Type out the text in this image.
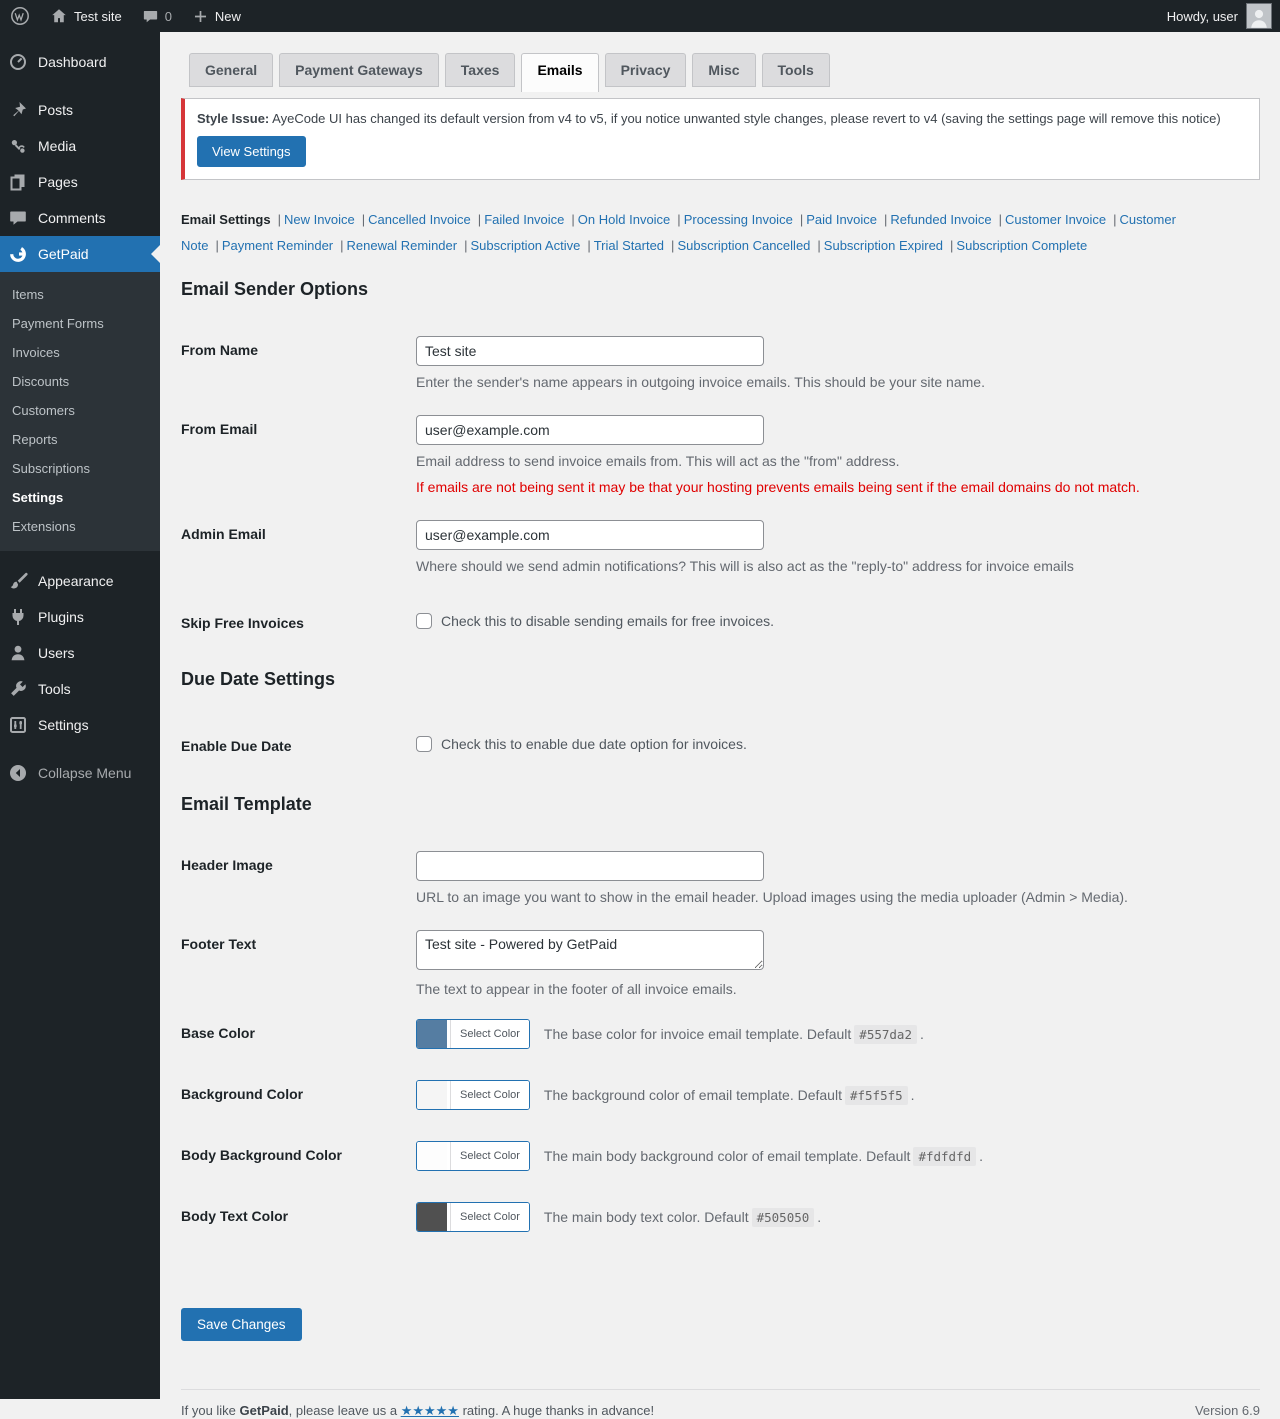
Test site	0	New	Howdy, user
Dashboard
Posts
Media
Pages
Comments
GetPaid
Items
Payment Forms
Invoices
Discounts
Customers
Reports
Subscriptions
Settings
Extensions
Appearance
Plugins
Users
Tools
Settings
Collapse Menu
General	Payment Gateways	Taxes	Emails	Privacy	Misc	Tools

Style Issue: AyeCode UI has changed its default version from v4 to v5, if you notice unwanted style changes, please revert to v4 (saving the settings page will remove this notice)

View Settings
Email Settings | New Invoice | Cancelled Invoice | Failed Invoice | On Hold Invoice | Processing Invoice | Paid Invoice | Refunded Invoice | Customer Invoice | Customer Note | Payment Reminder | Renewal Reminder | Subscription Active | Trial Started | Subscription Cancelled | Subscription Expired | Subscription Complete
Email Sender Options
From Name
Test site
Enter the sender's name appears in outgoing invoice emails. This should be your site name.
From Email
user@example.com
Email address to send invoice emails from. This will act as the "from" address.
If emails are not being sent it may be that your hosting prevents emails being sent if the email domains do not match.
Admin Email
user@example.com
Where should we send admin notifications? This will is also act as the "reply-to" address for invoice emails
Skip Free Invoices	Check this to disable sending emails for free invoices.
Due Date Settings
Enable Due Date	Check this to enable due date option for invoices.
Email Template
Header Image
URL to an image you want to show in the email header. Upload images using the media uploader (Admin > Media).
Footer Text
Test site - Powered by GetPaid
The text to appear in the footer of all invoice emails.
Base Color	Select Color	The base color for invoice email template. Default #557da2 .
Background Color	Select Color	The background color of email template. Default #f5f5f5 .
Body Background Color	Select Color	The main body background color of email template. Default #fdfdfd .
Body Text Color	Select Color	The main body text color. Default #505050 .
Save Changes
If you like GetPaid, please leave us a ★★★★★ rating. A huge thanks in advance!	Version 6.9
